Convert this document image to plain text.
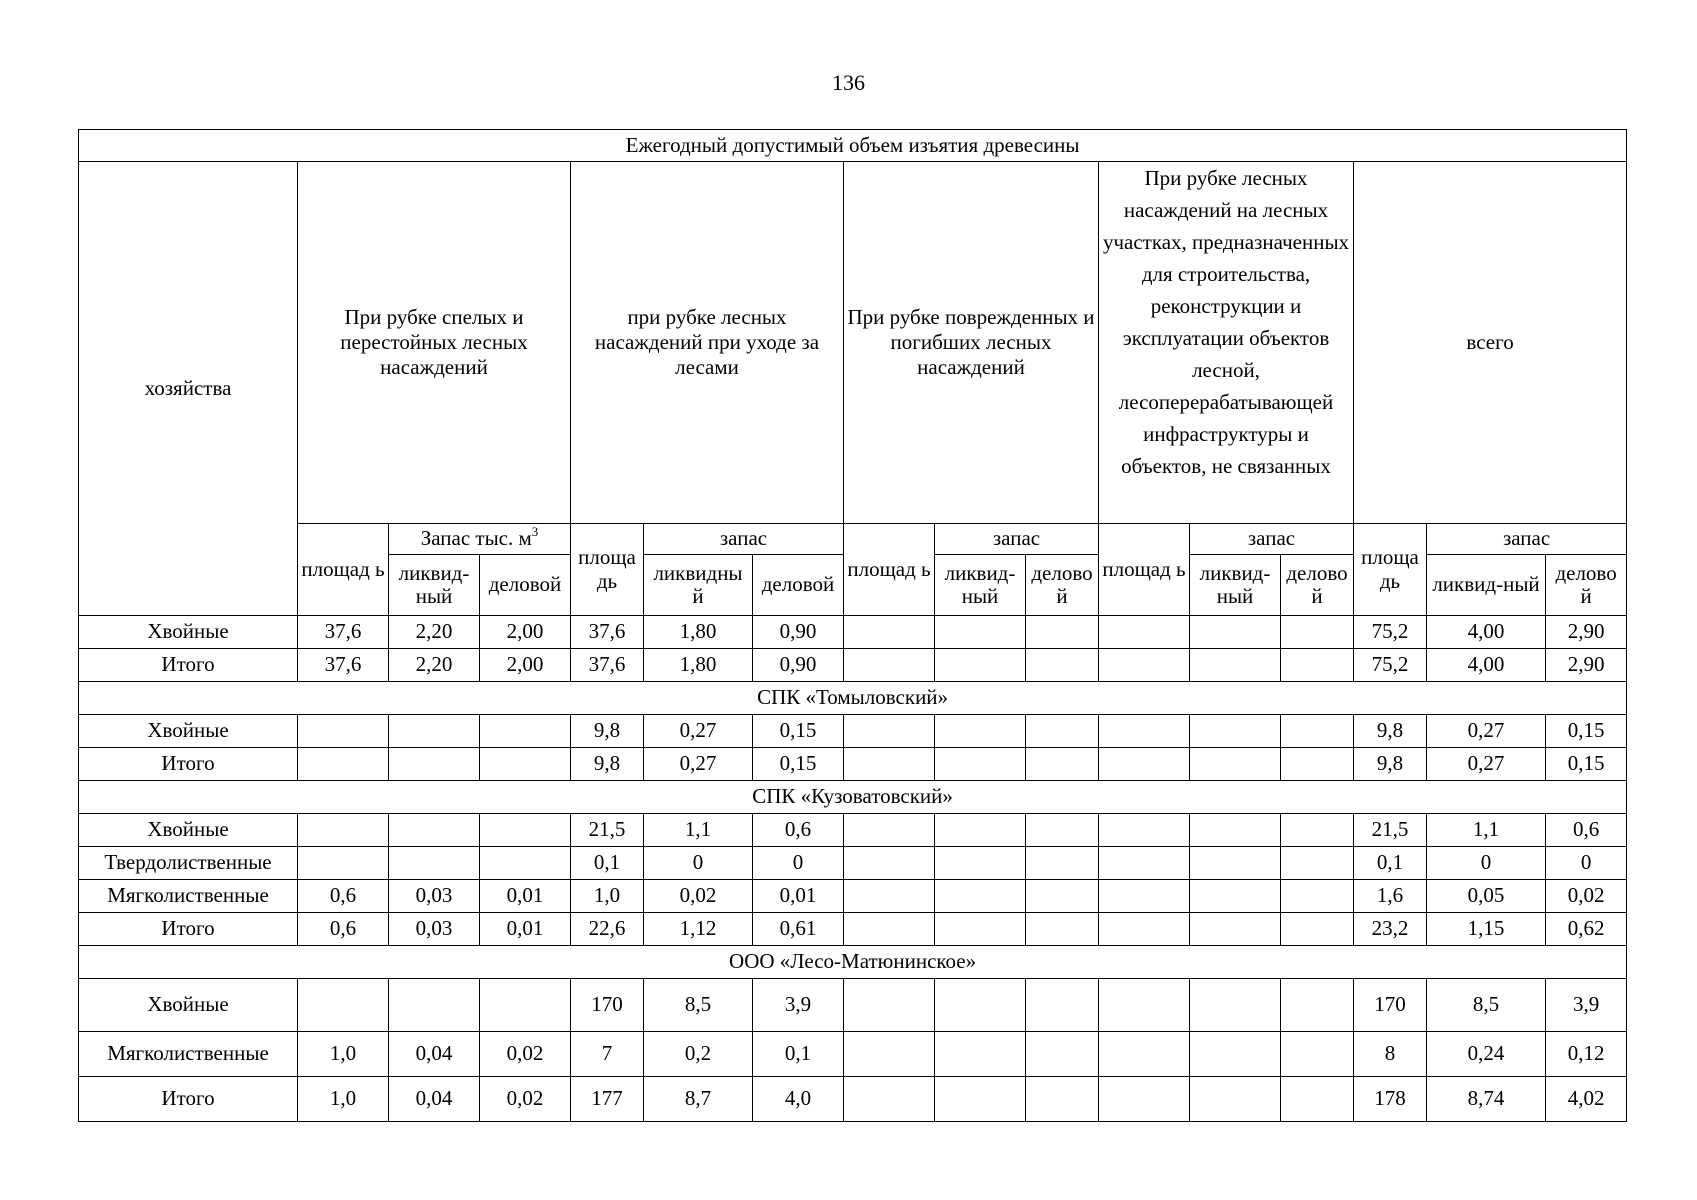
136
Ежегодный допустимый объем изъятия древесины															
хозяйства	При рубке спелых и перестойных лесных насаждений			при рубке лесных насаждений при уходе за лесами			При рубке поврежденных и погибших лесных насаждений			При рубке лесных насаждений на лесных участках, предназначенных для строительства, реконструкции и эксплуатации объектов лесной, лесоперерабатывающей инфраструктуры и объектов, не связанных			всего		
	площад ь	Запас тыс. $м^3$		площа дь	запас		площад ь	запас		площад ь	запас		площа дь	запас	
		ликвид-ный	деловой		ликвидны й	деловой		ликвид-ный	делово й		ликвид-ный	делово й		ликвид-ный	делово й
Хвойные	37,6	2,20	2,00	37,6	1,80	0,90							75,2	4,00	2,90
Итого	37,6	2,20	2,00	37,6	1,80	0,90							75,2	4,00	2,90
СПК «Томыловский»															
Хвойные				9,8	0,27	0,15							9,8	0,27	0,15
Итого				9,8	0,27	0,15							9,8	0,27	0,15
СПК «Кузоватовский»															
Хвойные				21,5	1,1	0,6							21,5	1,1	0,6
Твердолиственные				0,1	0	0							0,1	0	0
Мягколиственные	0,6	0,03	0,01	1,0	0,02	0,01							1,6	0,05	0,02
Итого	0,6	0,03	0,01	22,6	1,12	0,61							23,2	1,15	0,62
ООО «Лесо-Матюнинское»															
Хвойные				170	8,5	3,9							170	8,5	3,9
Мягколиственные	1,0	0,04	0,02	7	0,2	0,1							8	0,24	0,12
Итого	1,0	0,04	0,02	177	8,7	4,0							178	8,74	4,02
